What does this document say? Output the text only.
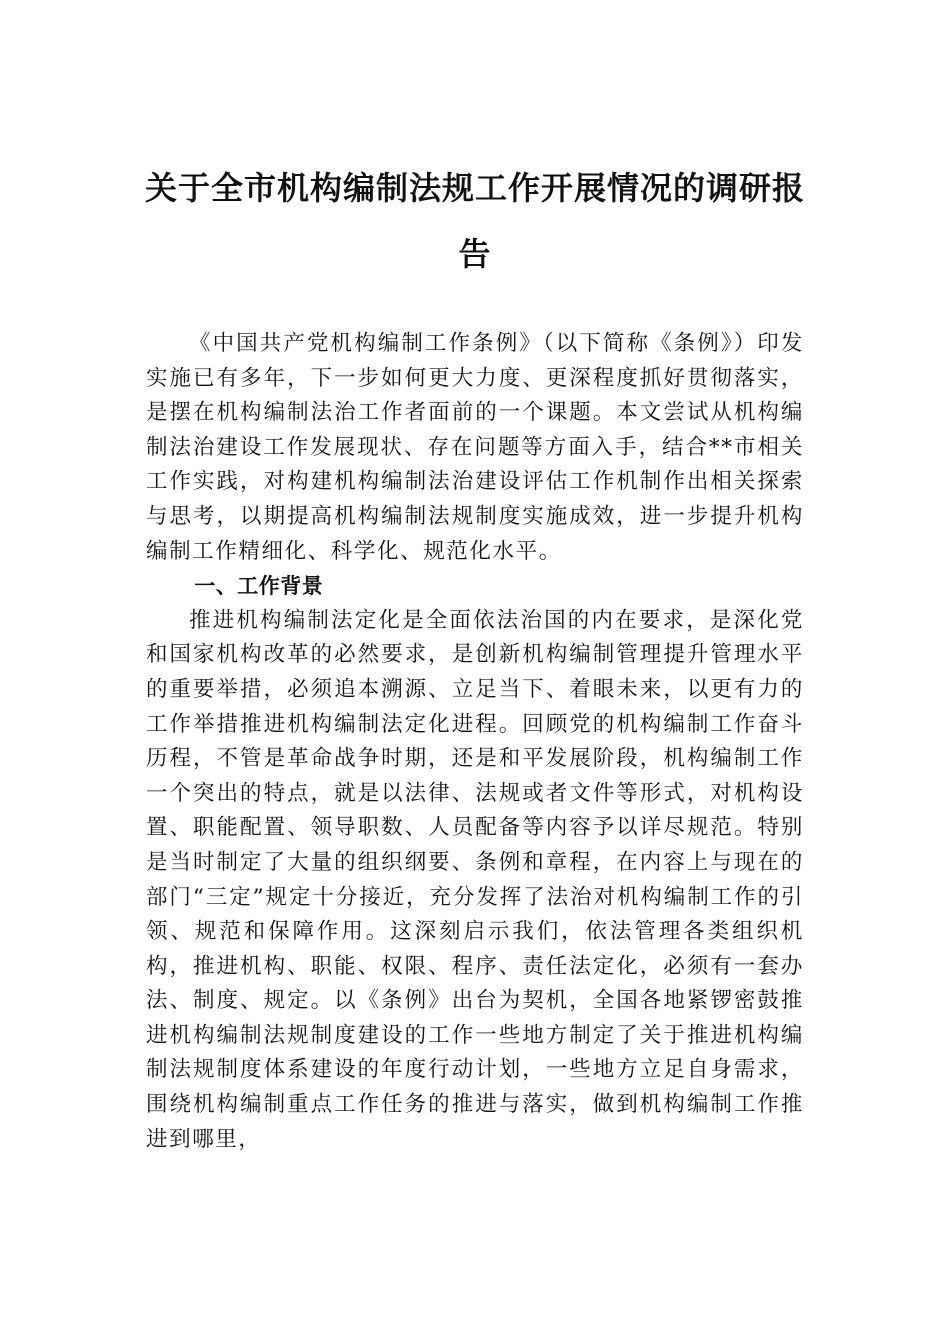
关于全市机构编制法规工作开展情况的调研报告

《中国共产党机构编制工作条例》（以下简称《条例》）印发实施已有多年，下一步如何更大力度、更深程度抓好贯彻落实，是摆在机构编制法治工作者面前的一个课题。本文尝试从机构编制法治建设工作发展现状、存在问题等方面入手，结合**市相关工作实践，对构建机构编制法治建设评估工作机制作出相关探索与思考，以期提高机构编制法规制度实施成效，进一步提升机构编制工作精细化、科学化、规范化水平。

一、工作背景

推进机构编制法定化是全面依法治国的内在要求，是深化党和国家机构改革的必然要求，是创新机构编制管理提升管理水平的重要举措，必须追本溯源、立足当下、着眼未来，以更有力的工作举措推进机构编制法定化进程。回顾党的机构编制工作奋斗历程，不管是革命战争时期，还是和平发展阶段，机构编制工作一个突出的特点，就是以法律、法规或者文件等形式，对机构设置、职能配置、领导职数、人员配备等内容予以详尽规范。特别是当时制定了大量的组织纲要、条例和章程，在内容上与现在的部门“三定”规定十分接近，充分发挥了法治对机构编制工作的引领、规范和保障作用。这深刻启示我们，依法管理各类组织机构，推进机构、职能、权限、程序、责任法定化，必须有一套办法、制度、规定。以《条例》出台为契机，全国各地紧锣密鼓推进机构编制法规制度建设的工作一些地方制定了关于推进机构编制法规制度体系建设的年度行动计划，一些地方立足自身需求，围绕机构编制重点工作任务的推进与落实，做到机构编制工作推进到哪里，
